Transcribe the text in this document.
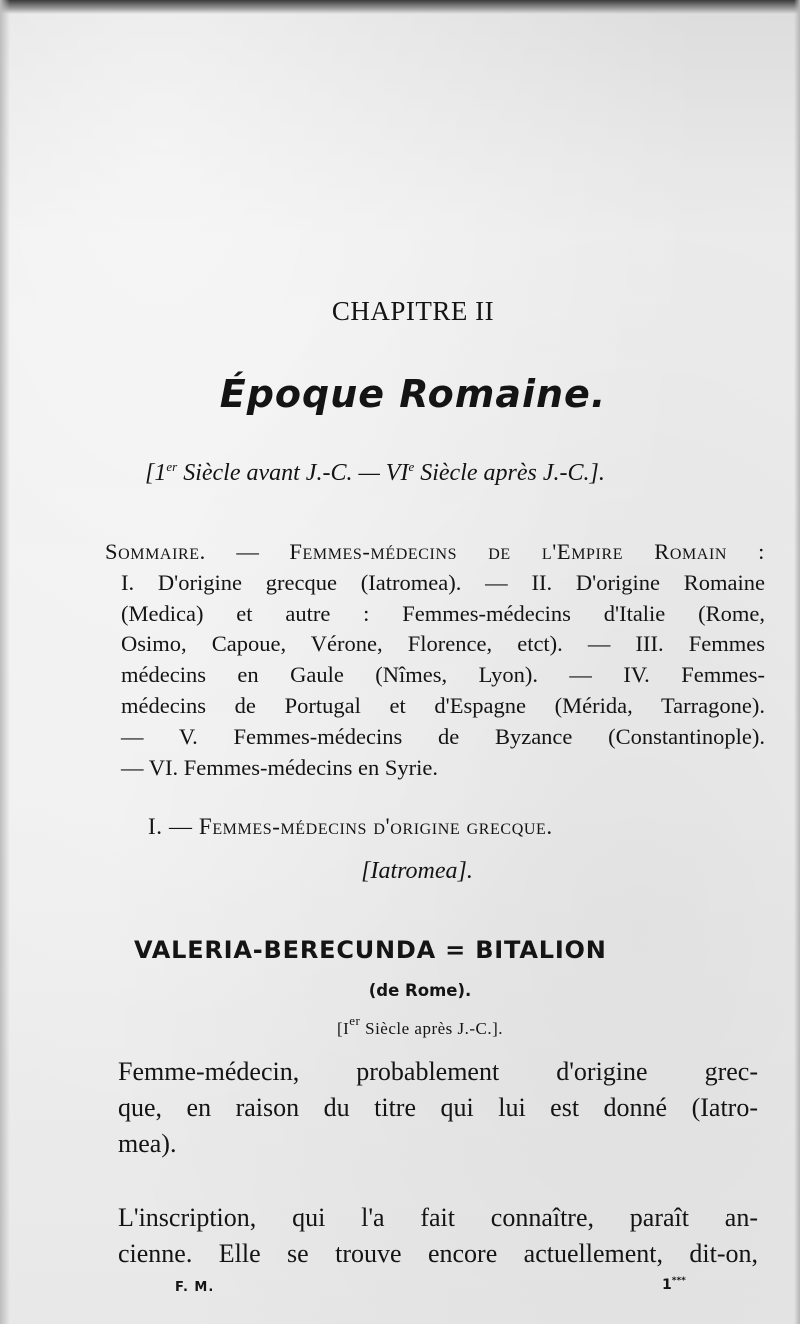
CHAPITRE II
Époque Romaine.
[1er Siècle avant J.-C. — VIe Siècle après J.-C.].
Sommaire. — Femmes-médecins de l'Empire Romain :
I. D'origine grecque (Iatromea). — II. D'origine Romaine
(Medica) et autre : Femmes-médecins d'Italie (Rome,
Osimo, Capoue, Vérone, Florence, etct). — III. Femmes
médecins en Gaule (Nîmes, Lyon). — IV. Femmes-
médecins de Portugal et d'Espagne (Mérida, Tarragone).
— V. Femmes-médecins de Byzance (Constantinople).
— VI. Femmes-médecins en Syrie.
I. — Femmes-médecins d'origine grecque.
[Iatromea].
VALERIA-BERECUNDA = BITALION
(de Rome).
[Ier Siècle après J.-C.].
Femme-médecin, probablement d'origine grec-
que, en raison du titre qui lui est donné (Iatro-
mea).
L'inscription, qui l'a fait connaître, paraît an-
cienne. Elle se trouve encore actuellement, dit-on,
F. M.	1***
